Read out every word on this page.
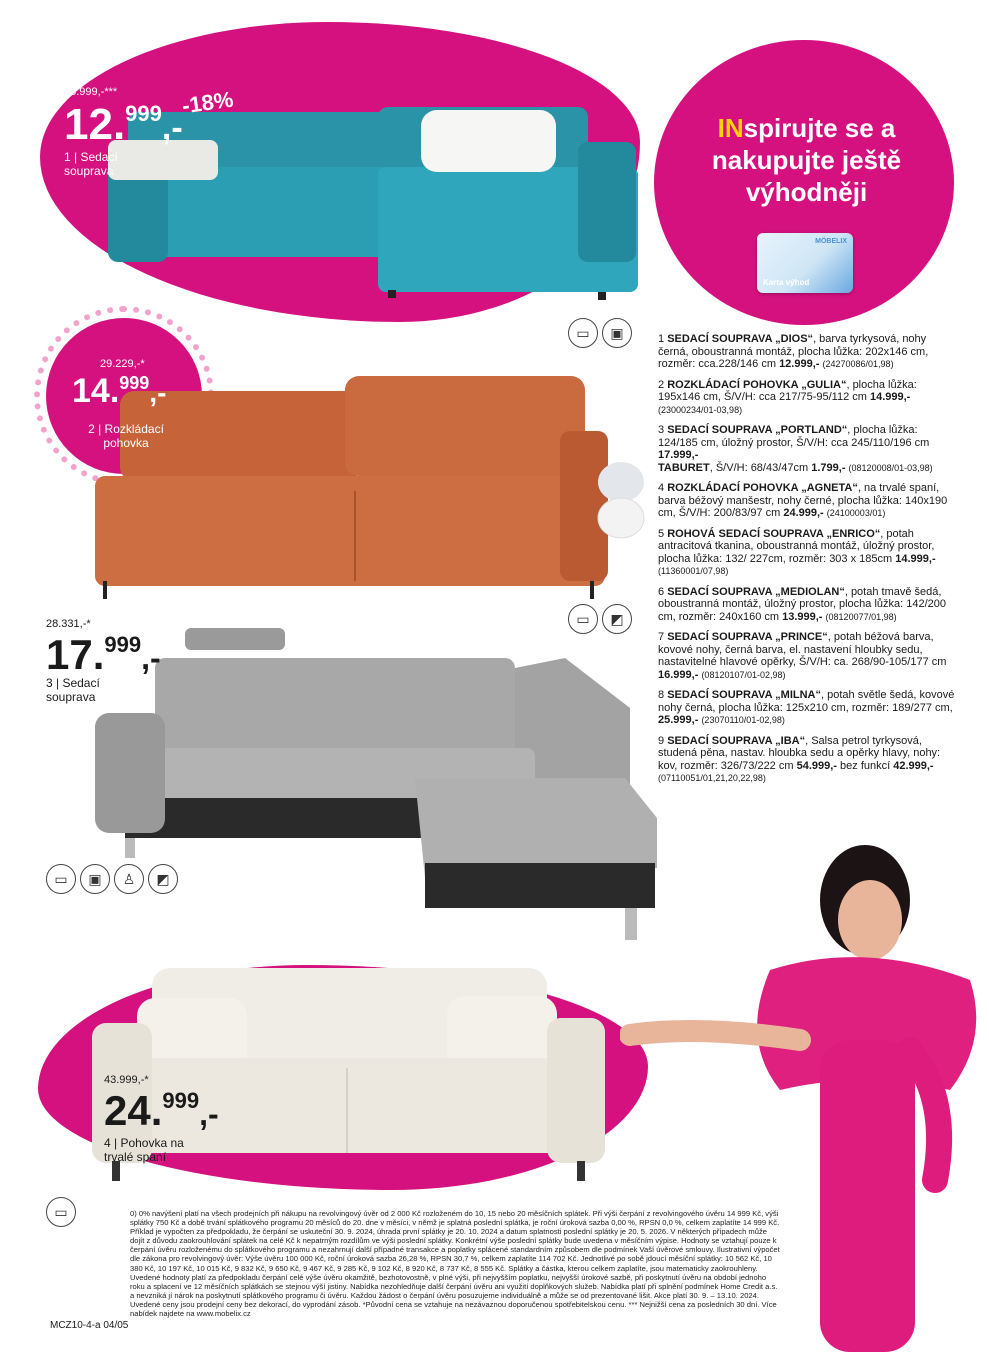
INspirujte se a nakupujte ještě výhodněji
MÖBELIX
Karta výhod
15.999,-***
12.999,-
-18%
1 | Sedací souprava
29.229,-*
14.999,-
2 | Rozkládací pohovka
28.331,-*
17.999,-
3 | Sedací souprava
43.999,-*
24.999,-
4 | Pohovka na trvalé spaní
▭	▣
▭	◩
▭	▣	♙	◩
▭
1 SEDACÍ SOUPRAVA „DIOS“, barva tyrkysová, nohy černá, oboustranná montáž, plocha lůžka: 202x146 cm, rozměr: cca.228/146 cm 12.999,- (24270086/01,98)
2 ROZKLÁDACÍ POHOVKA „GULIA“, plocha lůžka: 195x146 cm, Š/V/H: cca 217/75-95/112 cm 14.999,-
(23000234/01-03,98)
3 SEDACÍ SOUPRAVA „PORTLAND“, plocha lůžka: 124/185 cm, úložný prostor, Š/V/H: cca 245/110/196 cm 17.999,-
TABURET, Š/V/H: 68/43/47cm 1.799,- (08120008/01-03,98)
4 ROZKLÁDACÍ POHOVKA „AGNETA“, na trvalé spaní, barva béžový manšestr, nohy černé, plocha lůžka: 140x190 cm, Š/V/H: 200/83/97 cm 24.999,- (24100003/01)
5 ROHOVÁ SEDACÍ SOUPRAVA „ENRICO“, potah antracitová tkanina, oboustranná montáž, úložný prostor, plocha lůžka: 132/ 227cm, rozměr: 303 x 185cm 14.999,-
(11360001/07,98)
6 SEDACÍ SOUPRAVA „MEDIOLAN“, potah tmavě šedá, oboustranná montáž, úložný prostor, plocha lůžka: 142/200 cm, rozměr: 240x160 cm 13.999,- (08120077/01,98)
7 SEDACÍ SOUPRAVA „PRINCE“, potah béžová barva, kovové nohy, černá barva, el. nastavení hloubky sedu, nastavitelné hlavové opěrky, Š/V/H: ca. 268/90-105/177 cm
16.999,- (08120107/01-02,98)
8 SEDACÍ SOUPRAVA „MILNA“, potah světle šedá, kovové nohy černá, plocha lůžka: 125x210 cm, rozměr: 189/277 cm,
25.999,- (23070110/01-02,98)
9 SEDACÍ SOUPRAVA „IBA“, Salsa petrol tyrkysová, studená pěna, nastav. hloubka sedu a opěrky hlavy, nohy: kov, rozměr: 326/73/222 cm 54.999,- bez funkcí 42.999,-
(07110051/01,21,20,22,98)
0) 0% navýšení platí na všech prodejních při nákupu na revolvingový úvěr od 2 000 Kč rozloženém do 10, 15 nebo 20 měsíčních splátek. Při výši čerpání z revolvingového úvěru 14 999 Kč, výši splátky 750 Kč a době trvání splátkového programu 20 měsíců do 20. dne v měsíci, v němž je splatná poslední splátka, je roční úroková sazba 0,00 %, RPSN 0,0 %, celkem zaplatíte 14 999 Kč. Příklad je vypočten za předpokladu, že čerpání se uskuteční 30. 9. 2024, úhrada první splátky je 20. 10. 2024 a datum splatnosti poslední splátky je 20. 5. 2026. V některých případech může dojít z důvodu zaokrouhlování splátek na celé Kč k nepatrným rozdílům ve výši poslední splátky. Konkrétní výše poslední splátky bude uvedena v měsíčním výpise. Hodnoty se vztahují pouze k čerpání úvěru rozloženému do splátkového programu a nezahrnují další případné transakce a poplatky splácené standardním způsobem dle podmínek Vaší úvěrové smlouvy. Ilustrativní výpočet dle zákona pro revolvingový úvěr: Výše úvěru 100 000 Kč, roční úroková sazba 26,28 %, RPSN 30,7 %, celkem zaplatíte 114 702 Kč. Jednotlivé po sobě jdoucí měsíční splátky: 10 562 Kč, 10 380 Kč, 10 197 Kč, 10 015 Kč, 9 832 Kč, 9 650 Kč, 9 467 Kč, 9 285 Kč, 9 102 Kč, 8 920 Kč, 8 737 Kč, 8 555 Kč. Splátky a částka, kterou celkem zaplatíte, jsou matematicky zaokrouhleny. Uvedené hodnoty platí za předpokladu čerpání celé výše úvěru okamžitě, bezhotovostně, v plné výši, při nejvyšším poplatku, nejvyšší úrokové sazbě, při poskytnutí úvěru na období jednoho roku a splacení ve 12 měsíčních splátkách se stejnou výší jistiny. Nabídka nezohledňuje další čerpání úvěru ani využití doplňkových služeb. Nabídka platí při splnění podmínek Home Credit a.s. a nevzniká jí nárok na poskytnutí splátkového programu či úvěru. Každou žádost o čerpání úvěru posuzujeme individuálně a může se od prezentované lišit. Akce platí 30. 9. – 13.10. 2024. Uvedené ceny jsou prodejní ceny bez dekorací, do vyprodání zásob. *Původní cena se vztahuje na nezávaznou doporučenou spotřebitelskou cenu. *** Nejnižší cena za posledních 30 dní. Více nabídek najdete na www.mobelix.cz
MCZ10-4-a 04/05
